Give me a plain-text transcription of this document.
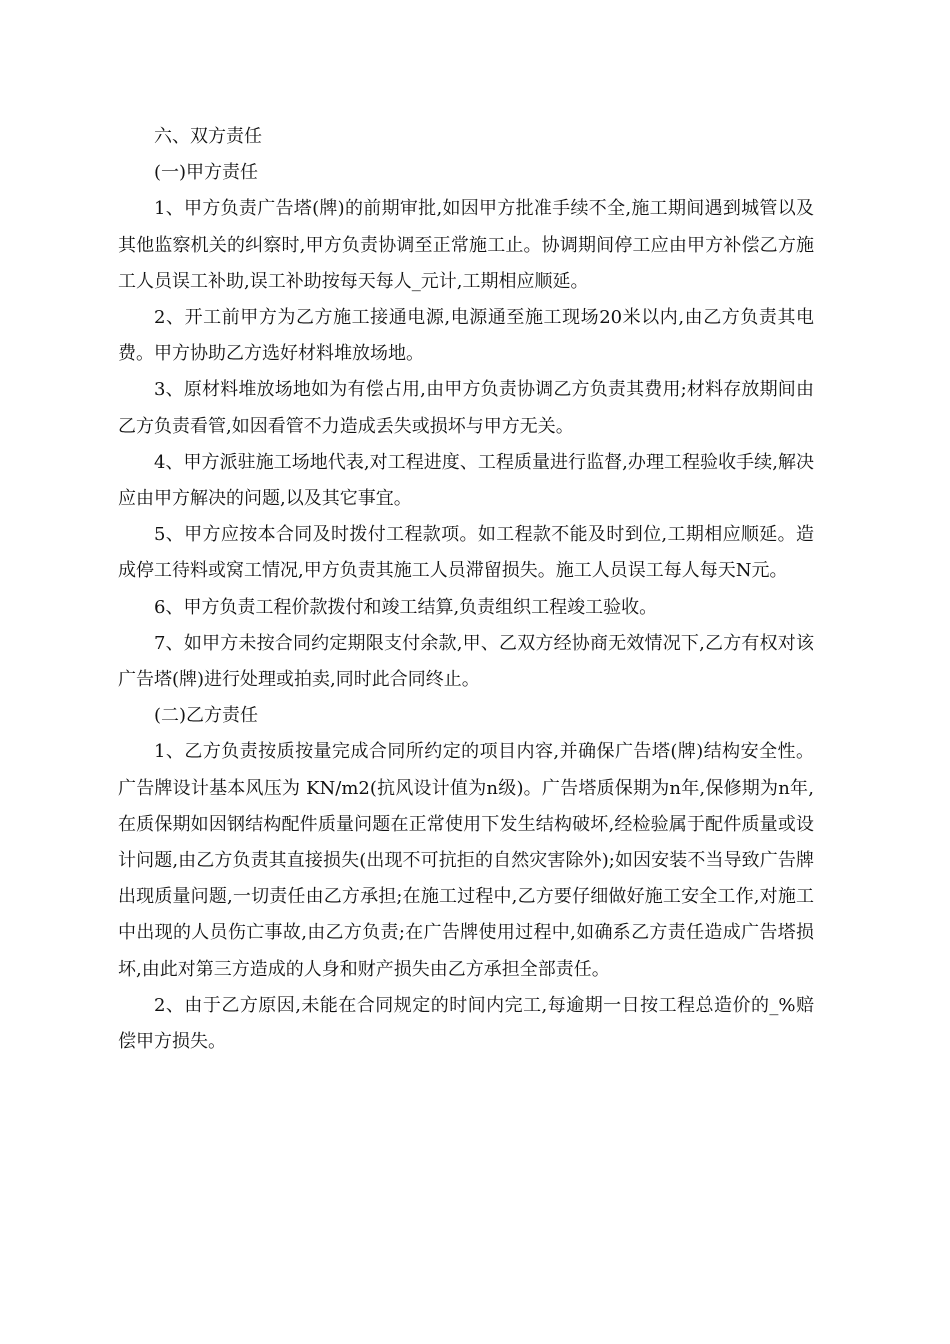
六、双方责任

(一)甲方责任

1、甲方负责广告塔(牌)的前期审批,如因甲方批准手续不全,施工期间遇到城管以及其他监察机关的纠察时,甲方负责协调至正常施工止。协调期间停工应由甲方补偿乙方施工人员误工补助,误工补助按每天每人_元计,工期相应顺延。

2、开工前甲方为乙方施工接通电源,电源通至施工现场20米以内,由乙方负责其电费。甲方协助乙方选好材料堆放场地。

3、原材料堆放场地如为有偿占用,由甲方负责协调乙方负责其费用;材料存放期间由乙方负责看管,如因看管不力造成丢失或损坏与甲方无关。

4、甲方派驻施工场地代表,对工程进度、工程质量进行监督,办理工程验收手续,解决应由甲方解决的问题,以及其它事宜。

5、甲方应按本合同及时拨付工程款项。如工程款不能及时到位,工期相应顺延。造成停工待料或窝工情况,甲方负责其施工人员滞留损失。施工人员误工每人每天N元。

6、甲方负责工程价款拨付和竣工结算,负责组织工程竣工验收。

7、如甲方未按合同约定期限支付余款,甲、乙双方经协商无效情况下,乙方有权对该广告塔(牌)进行处理或拍卖,同时此合同终止。

(二)乙方责任

1、乙方负责按质按量完成合同所约定的项目内容,并确保广告塔(牌)结构安全性。广告牌设计基本风压为 KN/m2(抗风设计值为n级)。广告塔质保期为n年,保修期为n年,在质保期如因钢结构配件质量问题在正常使用下发生结构破坏,经检验属于配件质量或设计问题,由乙方负责其直接损失(出现不可抗拒的自然灾害除外);如因安装不当导致广告牌出现质量问题,一切责任由乙方承担;在施工过程中,乙方要仔细做好施工安全工作,对施工中出现的人员伤亡事故,由乙方负责;在广告牌使用过程中,如确系乙方责任造成广告塔损坏,由此对第三方造成的人身和财产损失由乙方承担全部责任。

2、由于乙方原因,未能在合同规定的时间内完工,每逾期一日按工程总造价的_%赔偿甲方损失。
